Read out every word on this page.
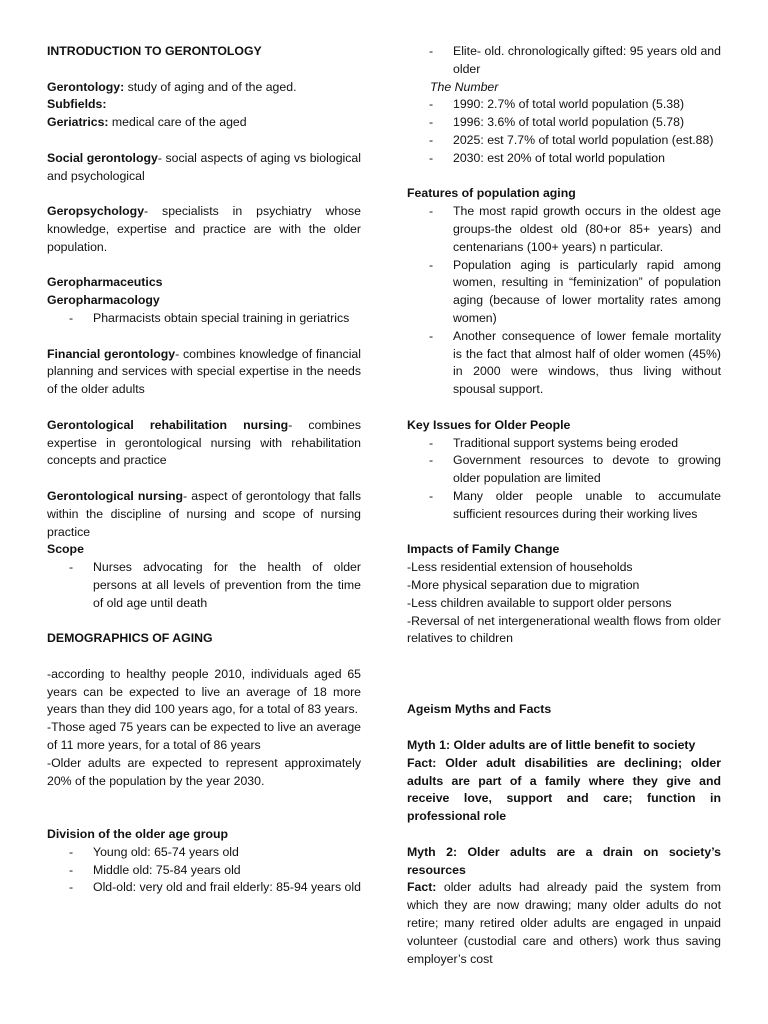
INTRODUCTION TO GERONTOLOGY

Gerontology: study of aging and of the aged.

Subfields:

Geriatrics: medical care of the aged

Social gerontology- social aspects of aging vs biological and psychological

Geropsychology- specialists in psychiatry whose knowledge, expertise and practice are with the older population.

Geropharmaceutics

Geropharmacology

- Pharmacists obtain special training in geriatrics

Financial gerontology- combines knowledge of financial planning and services with special expertise in the needs of the older adults

Gerontological rehabilitation nursing- combines expertise in gerontological nursing with rehabilitation concepts and practice

Gerontological nursing- aspect of gerontology that falls within the discipline of nursing and scope of nursing practice

Scope

- Nurses advocating for the health of older persons at all levels of prevention from the time of old age until death

DEMOGRAPHICS OF AGING

-according to healthy people 2010, individuals aged 65 years can be expected to live an average of 18 more years than they did 100 years ago, for a total of 83 years.

-Those aged 75 years can be expected to live an average of 11 more years, for a total of 86 years

-Older adults are expected to represent approximately 20% of the population by the year 2030.

Division of the older age group

- Young old: 65-74 years old
- Middle old: 75-84 years old
- Old-old: very old and frail elderly: 85-94 years old
- Elite- old. chronologically gifted: 95 years old and older

The Number

- 1990: 2.7% of total world population (5.38)
- 1996: 3.6% of total world population (5.78)
- 2025: est 7.7% of total world population (est.88)
- 2030: est 20% of total world population

Features of population aging

- The most rapid growth occurs in the oldest age groups-the oldest old (80+or 85+ years) and centenarians (100+ years) n particular.
- Population aging is particularly rapid among women, resulting in “feminization” of population aging (because of lower mortality rates among women)
- Another consequence of lower female mortality is the fact that almost half of older women (45%) in 2000 were windows, thus living without spousal support.

Key Issues for Older People

- Traditional support systems being eroded
- Government resources to devote to growing older population are limited
- Many older people unable to accumulate sufficient resources during their working lives

Impacts of Family Change

-Less residential extension of households

-More physical separation due to migration

-Less children available to support older persons

-Reversal of net intergenerational wealth flows from older relatives to children

Ageism Myths and Facts

Myth 1: Older adults are of little benefit to society

Fact: Older adult disabilities are declining; older adults are part of a family where they give and receive love, support and care; function in professional role

Myth 2: Older adults are a drain on society’s resources

Fact: older adults had already paid the system from which they are now drawing; many older adults do not retire; many retired older adults are engaged in unpaid volunteer (custodial care and others) work thus saving employer’s cost
